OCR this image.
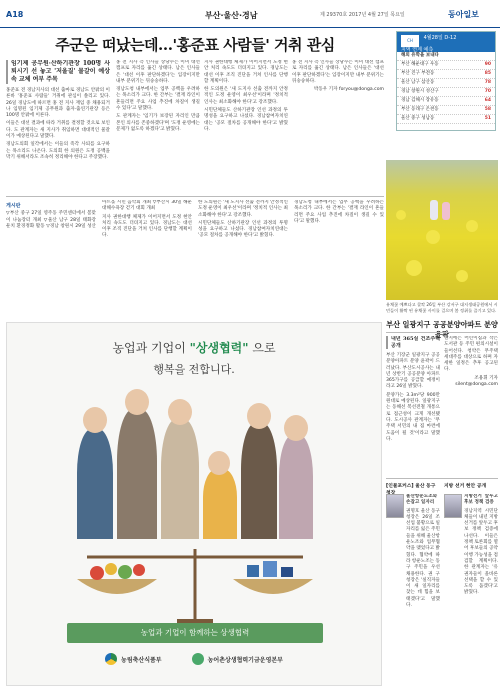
A18	부산·울산·경남	제 29370호 2017년 4월 27일 목요일	동아일보
주군은 떠났는데…'홍준표 사람들' 거취 관심	CH 4월28일 D-12
지역 연계 예측
해외 유학을 보내다
부산 해운대구 우동	90
부산 진구 부전동	85
울산 남구 삼산동	78
경남 창원시 성산구	70
경남 김해시 장유동	64
부산 동래구 온천동	58
울산 중구 성남동	51
임기제 공무원·산하기관장 100명 사퇴시기 선 놓고 '저울질' 물갈이 예상 속 교체 여부 주목

홍준표 전 경남지사의 대선 출마로 경남도 안팎의 이른바 '홍준표 사람들' 거취에 관심이 쏠리고 있다. 26일 경남도에 따르면 홍 전 지사 재임 중 채용되거나 임명된 임기제 공무원과 출자·출연기관장 등은 100명 안팎에 이른다.

이들은 대선 결과에 따라 거취를 결정할 것으로 보인다. 도 관계자는 새 지사가 취임하면 대대적인 물갈이가 예상된다고 말했다.

경남도의회 일각에서는 이들의 즉각 사퇴를 요구하는 목소리도 나온다. 도의회 한 의원은 도정 공백을 막기 위해서라도 조속히 정리해야 한다고 주장했다.

홍 전 지사 측 인사들 상당수는 이미 대선 캠프로 자리를 옮긴 상태다. 남은 인사들은 '대선 이후 판단하겠다'는 입장이지만 내부 분위기는 뒤숭숭하다.

경남도청 내부에서는 업무 공백을 우려하는 목소리가 크다. 한 간부는 '결재 라인이 흔들리면 주요 사업 추진에 차질이 생길 수 있다'고 말했다.

도 관계자는 '임기가 보장된 자리인 만큼 본인 의사를 존중하겠다'며 '도정 운영에는 문제가 없도록 하겠다'고 밝혔다.

지사 권한대행 체제가 이어지면서 도정 현안 처리 속도도 더뎌지고 있다. 경남도는 대선 이후 조직 진단을 거쳐 인사를 단행할 계획이다.

한 도의원은 '새 도지사 선출 전까지 안정적인 도정 운영이 최우선'이라며 '정치적 인사는 최소화해야 한다'고 강조했다.

시민단체들도 산하기관장 인선 과정의 투명성을 요구하고 나섰다. 경남참여자치연대는 '공모 절차를 공개해야 한다'고 밝혔다.

홍 전 지사 측 인사들 상당수는 이미 대선 캠프로 자리를 옮긴 상태다. 남은 인사들은 '대선 이후 판단하겠다'는 입장이지만 내부 분위기는 뒤숭숭하다.

박동우 기자 foryou@donga.com

게시판

▽부산 중구 27일 영주동 주민센터에서 봄맞이 나눔장터 개최 ▽울산 남구 28일 태화강 둔치 환경정화 활동 ▽경남 창원시 29일 성산아트홀 시민 음악회 개최 ▽부산시 30일 해운대해수욕장 걷기 대회 개최

지사 권한대행 체제가 이어지면서 도정 현안 처리 속도도 더뎌지고 있다. 경남도는 대선 이후 조직 진단을 거쳐 인사를 단행할 계획이다.

한 도의원은 '새 도지사 선출 전까지 안정적인 도정 운영이 최우선'이라며 '정치적 인사는 최소화해야 한다'고 강조했다.

시민단체들도 산하기관장 인선 과정의 투명성을 요구하고 나섰다. 경남참여자치연대는 '공모 절차를 공개해야 한다'고 밝혔다.

경남도청 내부에서는 업무 공백을 우려하는 목소리가 크다. 한 간부는 '결재 라인이 흔들리면 주요 사업 추진에 차질이 생길 수 있다'고 말했다.

농업과 기업이 "상생협력" 으로
행복을 전합니다.
농업과 기업이 함께하는 상생협력
농림축산식품부	농어촌상생협력기금운영본부
유채꽃 예쁘다고 찰칵 26일 부산 강서구 대저생태공원에서 시민들이 활짝 핀 유채꽃 사이를 걸으며 봄 정취를 즐기고 있다.
부산 일광지구 공공분양아파트 분양 윤곽
내년 365실 건조주택 공개

부산 기장군 일광지구 공공분양아파트 분양 윤곽이 드러났다. 부산도시공사는 내년 상반기 공공분양 아파트 365가구를 공급할 예정이라고 26일 밝혔다.

분양가는 3.3m²당 900만 원대로 예상된다. 일광지구는 동해선 복선전철 개통으로 접근성이 크게 개선됐다. 도시공사 관계자는 '무주택 서민의 내 집 마련에 도움이 될 것'이라고 말했다.

단지에는 어린이집과 작은도서관 등 주민 편의시설이 들어선다. 청약은 무주택 세대주를 대상으로 하며 자세한 일정은 추후 공고된다.

조용휘 기자 silent@donga.com

[인물포커스] 울산 동구

울산항운노조와 손잡고 일자리

권명호 울산 동구청장은 26일 조선업 불황으로 일자리를 잃은 주민들을 위해 울산항운노조와 업무협약을 맺었다고 밝혔다. 협약에 따라 항운노조는 동구 주민을 우선 채용한다. 권 구청장은 '실직자들이 새 일자리를 찾는 데 힘을 보태겠다'고 말했다.

지방 선거 현안 공개

지방선거 앞두고 후보 정책 검증

경남지역 시민단체들이 내년 지방선거를 앞두고 후보 정책 검증에 나선다. 이들은 정책 토론회를 열어 후보들의 공약 이행 가능성을 점검할 계획이다. 한 관계자는 '유권자들이 올바른 선택을 할 수 있도록 돕겠다'고 밝혔다.
